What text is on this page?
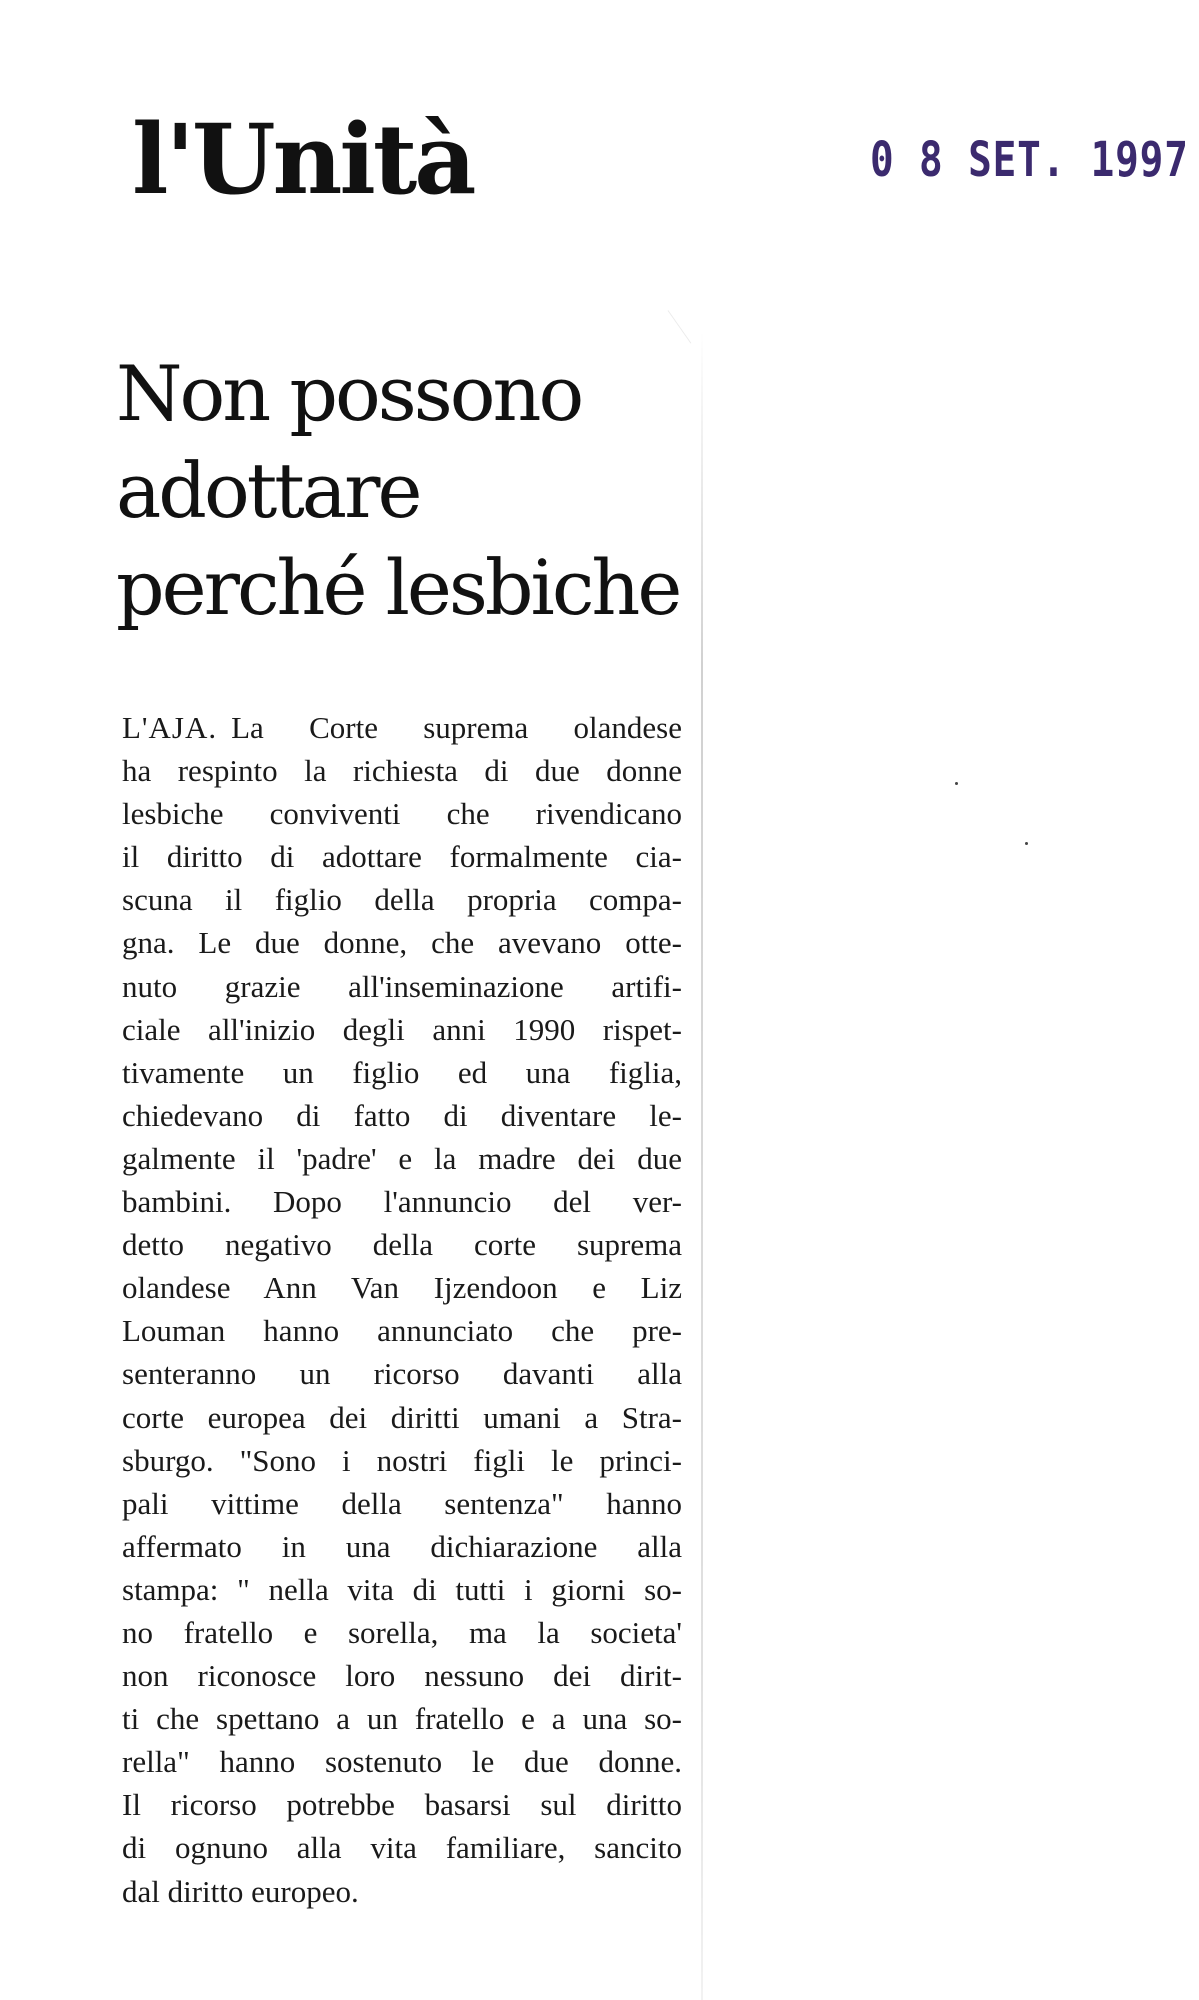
l'Unità	0 8 SET. 1997
Non possono
adottare
perché lesbiche
L'AJA. La Corte suprema olandese
ha respinto la richiesta di due donne
lesbiche conviventi che rivendicano
il diritto di adottare formalmente cia-
scuna il figlio della propria compa-
gna. Le due donne, che avevano otte-
nuto grazie all'inseminazione artifi-
ciale all'inizio degli anni 1990 rispet-
tivamente un figlio ed una figlia,
chiedevano di fatto di diventare le-
galmente il 'padre' e la madre dei due
bambini. Dopo l'annuncio del ver-
detto negativo della corte suprema
olandese Ann Van Ijzendoon e Liz
Louman hanno annunciato che pre-
senteranno un ricorso davanti alla
corte europea dei diritti umani a Stra-
sburgo. "Sono i nostri figli le princi-
pali vittime della sentenza" hanno
affermato in una dichiarazione alla
stampa: " nella vita di tutti i giorni so-
no fratello e sorella, ma la societa'
non riconosce loro nessuno dei dirit-
ti che spettano a un fratello e a una so-
rella" hanno sostenuto le due donne.
Il ricorso potrebbe basarsi sul diritto
di ognuno alla vita familiare, sancito
dal diritto europeo.
